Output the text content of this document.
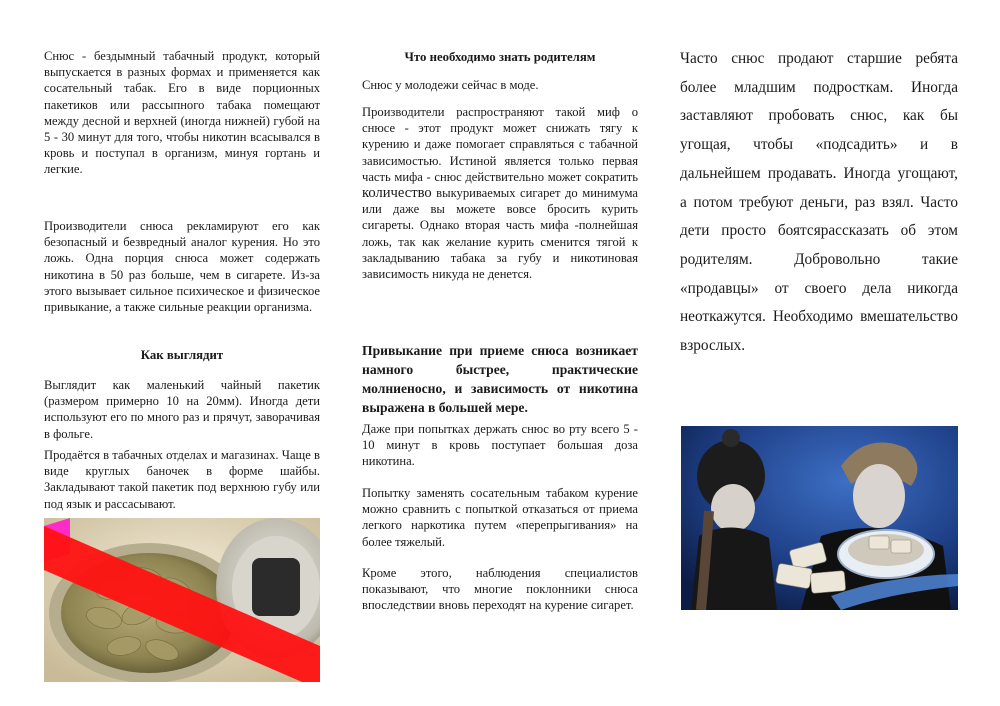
Снюс - бездымный табачный продукт, который выпускается в разных формах и применяется как сосательный табак. Его в виде порционных пакетиков или рассыпного табака помещают между десной и верхней (иногда нижней) губой на 5 - 30 минут для того, чтобы никотин всасывался в кровь и поступал в организм, минуя гортань и легкие.

Производители снюса рекламируют его как безопасный и безвредный аналог курения. Но это ложь. Одна порция снюса может содержать никотина в 50 раз больше, чем в сигарете. Из-за этого вызывает сильное психическое и физическое привыкание, а также сильные реакции организма.

Как выглядит

Выглядит как маленький чайный пакетик (размером примерно 10 на 20мм). Иногда дети используют его по много раз и прячут, заворачивая в фольге.

Продаётся в табачных отделах и магазинах. Чаще в виде круглых баночек в форме шайбы. Закладывают такой пакетик под верхнюю губу или под язык и рассасывают.

Что необходимо знать родителям

Снюс у молодежи сейчас в моде.

Производители распространяют такой миф о снюсе - этот продукт может снижать тягу к курению и даже помогает справляться с табачной зависимостью. Истиной является только первая часть мифа - снюс действительно может сократить количество выкуриваемых сигарет до минимума или даже вы можете вовсе бросить курить сигареты. Однако вторая часть мифа -полнейшая ложь, так как желание курить сменится тягой к закладыванию табака за губу и никотиновая зависимость никуда не денется.

Привыкание при приеме снюса возникает намного быстрее, практические молниеносно, и зависимость от никотина выражена в большей мере.

Даже при попытках держать снюс во рту всего 5 - 10 минут в кровь поступает большая доза никотина.

Попытку заменять сосательным табаком курение можно сравнить с попыткой отказаться от приема легкого наркотика путем «перепрыгивания» на более тяжелый.

Кроме этого, наблюдения специалистов показывают, что многие поклонники снюса впоследствии вновь переходят на курение сигарет.

Часто снюс продают старшие ребята более младшим подросткам. Иногда заставляют пробовать снюс, как бы угощая, чтобы «подсадить» и в дальнейшем продавать. Иногда угощают, а потом требуют деньги, раз взял. Часто дети просто боятсярассказать об этом родителям. Добровольно такие «продавцы» от своего дела никогда неоткажутся. Необходимо вмешательство взрослых.
